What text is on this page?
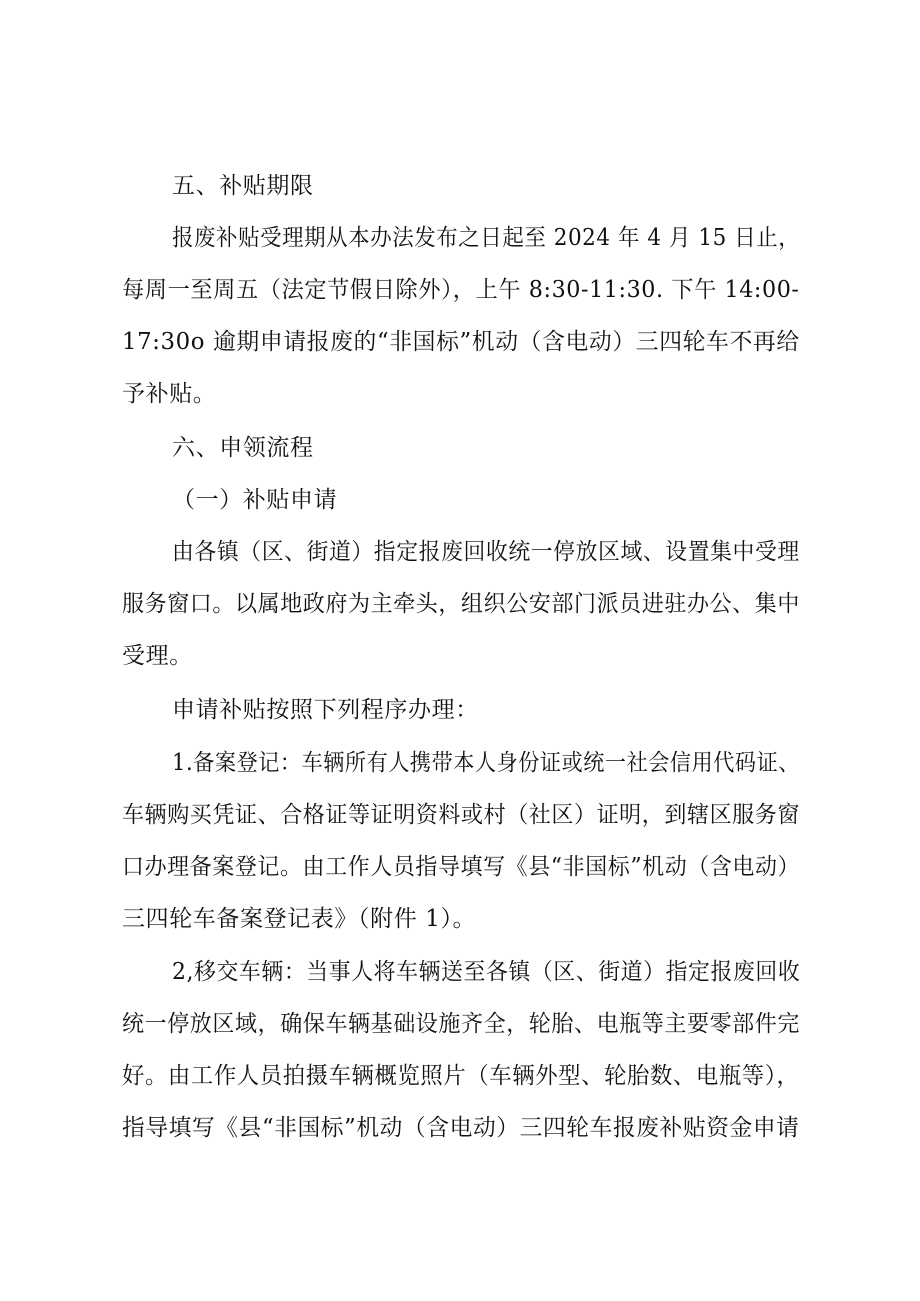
五、补贴期限
报废补贴受理期从本办法发布之日起至 2024 年 4 月 15 日止，
每周一至周五（法定节假日除外），上午 8:30-11:30. 下午 14:00-
17:30o 逾期申请报废的“非国标”机动（含电动）三四轮车不再给
予补贴。
六、申领流程
（一）补贴申请
由各镇（区、街道）指定报废回收统一停放区域、设置集中受理
服务窗口。以属地政府为主牵头，组织公安部门派员进驻办公、集中
受理。
申请补贴按照下列程序办理：
1.备案登记：车辆所有人携带本人身份证或统一社会信用代码证、
车辆购买凭证、合格证等证明资料或村（社区）证明，到辖区服务窗
口办理备案登记。由工作人员指导填写《县“非国标”机动（含电动）
三四轮车备案登记表》（附件 1）。
2,移交车辆：当事人将车辆送至各镇（区、街道）指定报废回收
统一停放区域，确保车辆基础设施齐全，轮胎、电瓶等主要零部件完
好。由工作人员拍摄车辆概览照片（车辆外型、轮胎数、电瓶等），
指导填写《县“非国标”机动（含电动）三四轮车报废补贴资金申请
